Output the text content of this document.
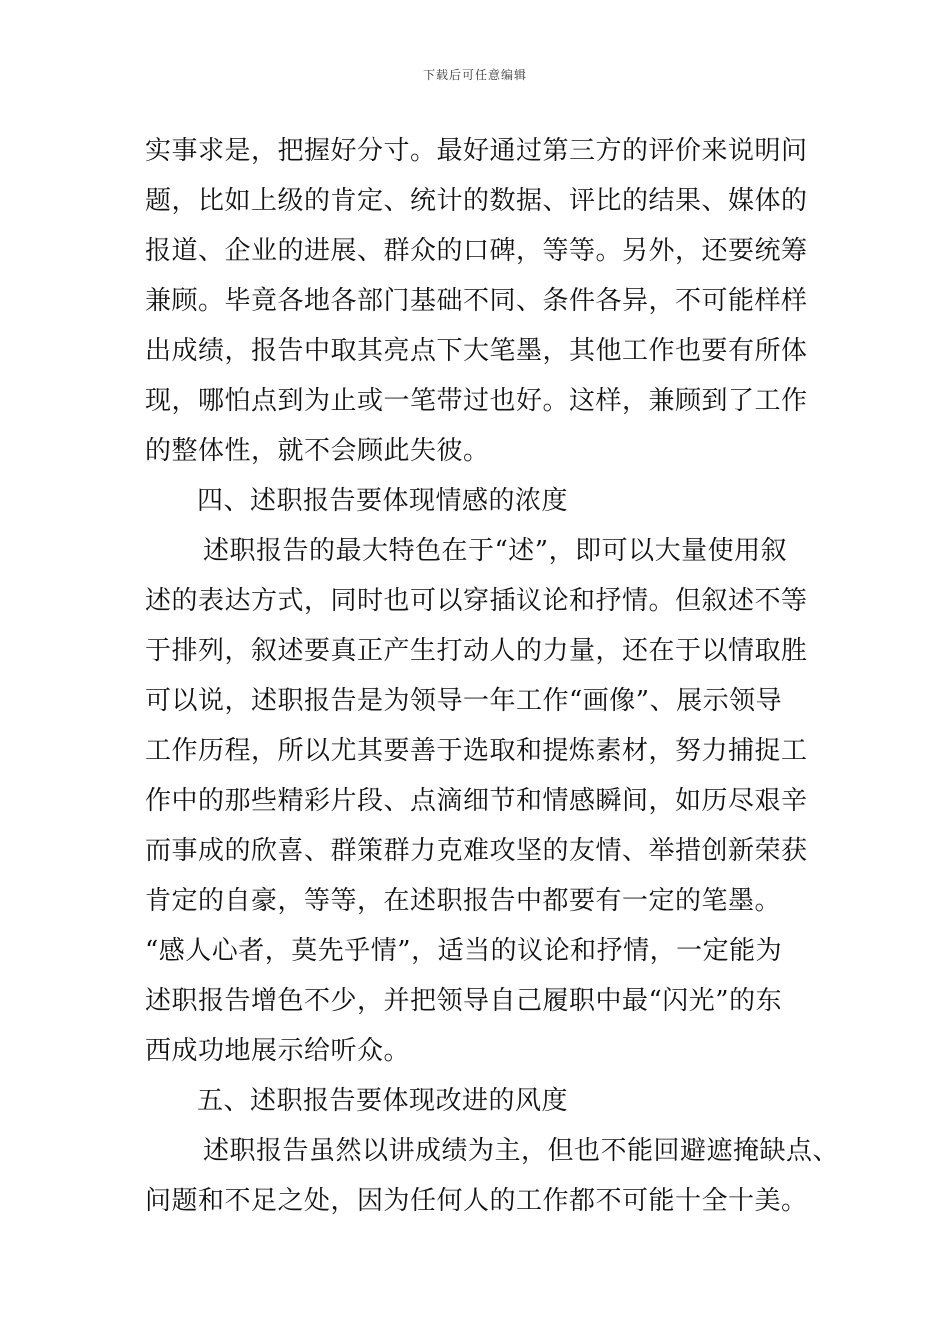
下载后可任意编辑
实事求是，把握好分寸。最好通过第三方的评价来说明问
题，比如上级的肯定、统计的数据、评比的结果、媒体的
报道、企业的进展、群众的口碑，等等。另外，还要统筹
兼顾。毕竟各地各部门基础不同、条件各异，不可能样样
出成绩，报告中取其亮点下大笔墨，其他工作也要有所体
现，哪怕点到为止或一笔带过也好。这样，兼顾到了工作
的整体性，就不会顾此失彼。
四、述职报告要体现情感的浓度
述职报告的最大特色在于“述”，即可以大量使用叙
述的表达方式，同时也可以穿插议论和抒情。但叙述不等
于排列，叙述要真正产生打动人的力量，还在于以情取胜
可以说，述职报告是为领导一年工作“画像”、展示领导
工作历程，所以尤其要善于选取和提炼素材，努力捕捉工
作中的那些精彩片段、点滴细节和情感瞬间，如历尽艰辛
而事成的欣喜、群策群力克难攻坚的友情、举措创新荣获
肯定的自豪，等等，在述职报告中都要有一定的笔墨。
“感人心者，莫先乎情”，适当的议论和抒情，一定能为
述职报告增色不少，并把领导自己履职中最“闪光”的东
西成功地展示给听众。
五、述职报告要体现改进的风度
述职报告虽然以讲成绩为主，但也不能回避遮掩缺点、
问题和不足之处，因为任何人的工作都不可能十全十美。
